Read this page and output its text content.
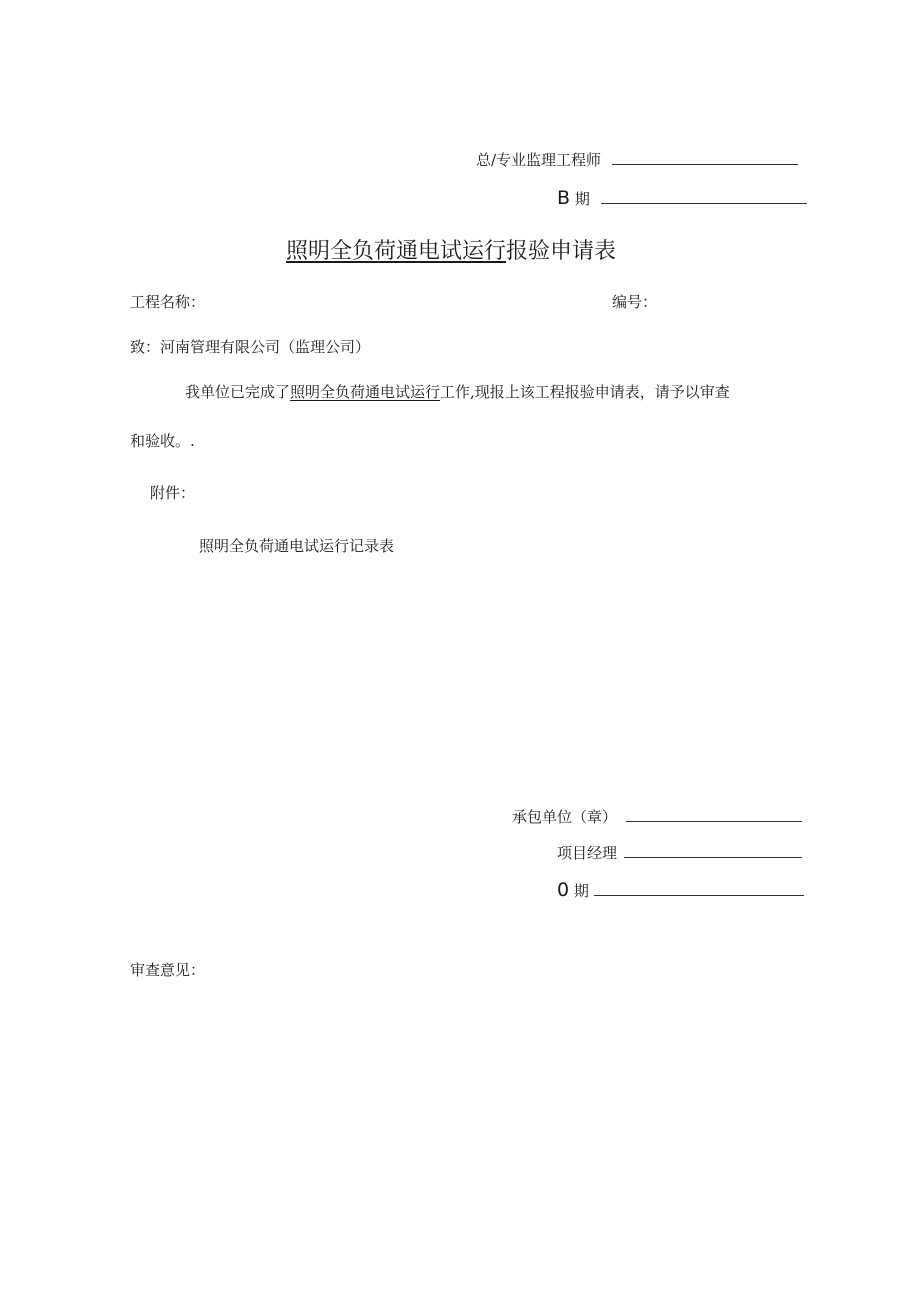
总/专业监理工程师
B 期
照明全负荷通电试运行报验申请表
工程名称：	编号：
致：河南管理有限公司（监理公司）
我单位已完成了照明全负荷通电试运行工作,现报上该工程报验申请表，请予以审查
和验收。.
附件：
照明全负荷通电试运行记录表
承包单位（章）
项目经理
0 期
审查意见：
